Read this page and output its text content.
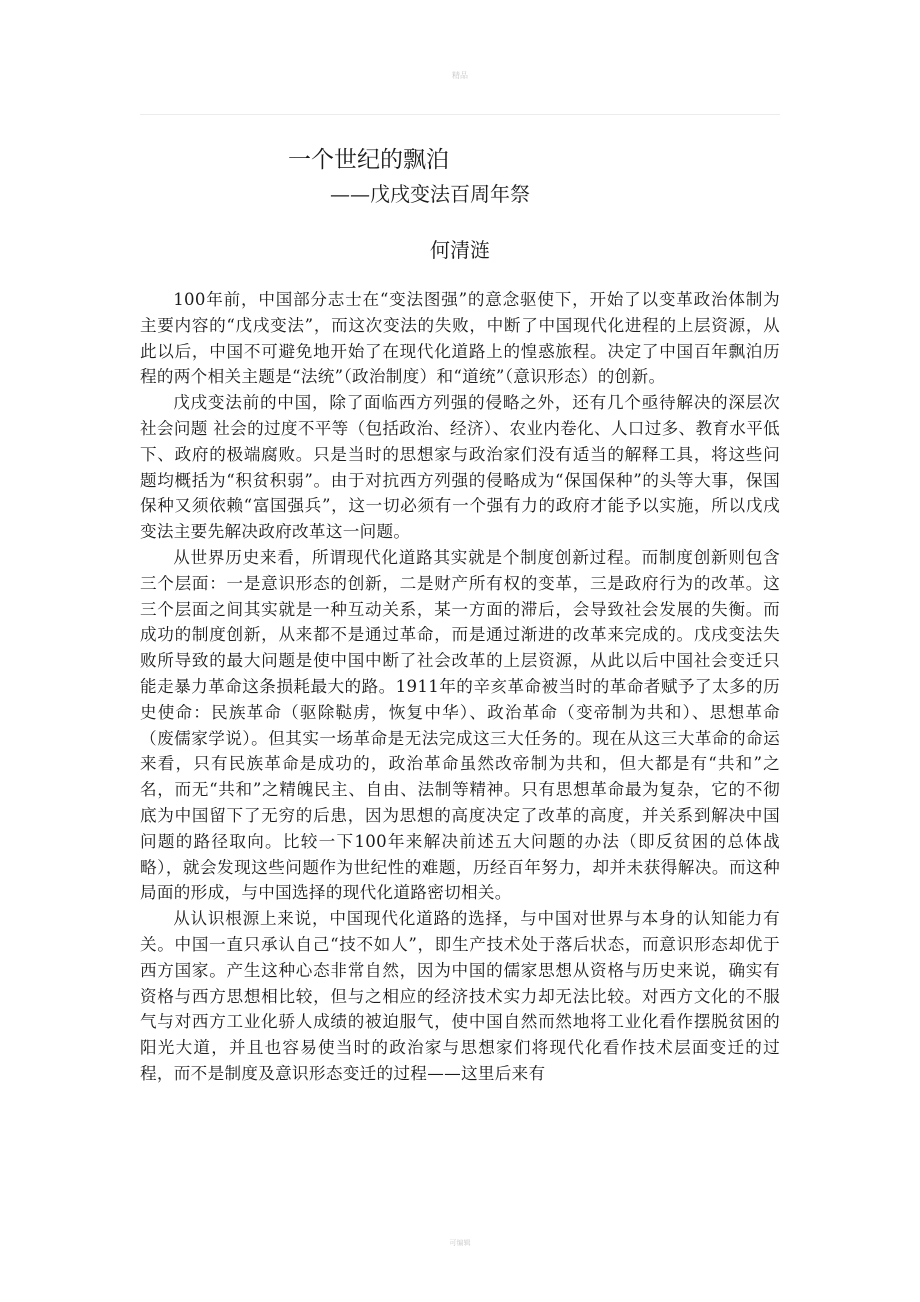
精品
一个世纪的飘泊
——戊戌变法百周年祭
何清涟

100年前，中国部分志士在“变法图强”的意念驱使下，开始了以变革政治体制为主要内容的“戊戌变法”，而这次变法的失败，中断了中国现代化进程的上层资源，从此以后，中国不可避免地开始了在现代化道路上的惶惑旅程。决定了中国百年飘泊历程的两个相关主题是“法统”（政治制度）和“道统”（意识形态）的创新。

戊戌变法前的中国，除了面临西方列强的侵略之外，还有几个亟待解决的深层次社会问题 社会的过度不平等（包括政治、经济）、农业内卷化、人口过多、教育水平低下、政府的极端腐败。只是当时的思想家与政治家们没有适当的解释工具，将这些问题均概括为“积贫积弱”。由于对抗西方列强的侵略成为“保国保种”的头等大事，保国保种又须依赖“富国强兵”，这一切必须有一个强有力的政府才能予以实施，所以戊戌变法主要先解决政府改革这一问题。

从世界历史来看，所谓现代化道路其实就是个制度创新过程。而制度创新则包含三个层面：一是意识形态的创新，二是财产所有权的变革，三是政府行为的改革。这三个层面之间其实就是一种互动关系，某一方面的滞后，会导致社会发展的失衡。而成功的制度创新，从来都不是通过革命，而是通过渐进的改革来完成的。戊戌变法失败所导致的最大问题是使中国中断了社会改革的上层资源，从此以后中国社会变迁只能走暴力革命这条损耗最大的路。1911年的辛亥革命被当时的革命者赋予了太多的历史使命：民族革命（驱除鞑虏，恢复中华）、政治革命（变帝制为共和）、思想革命（废儒家学说）。但其实一场革命是无法完成这三大任务的。现在从这三大革命的命运来看，只有民族革命是成功的，政治革命虽然改帝制为共和，但大都是有“共和”之名，而无“共和”之精魄民主、自由、法制等精神。只有思想革命最为复杂，它的不彻底为中国留下了无穷的后患，因为思想的高度决定了改革的高度，并关系到解决中国问题的路径取向。比较一下100年来解决前述五大问题的办法（即反贫困的总体战略），就会发现这些问题作为世纪性的难题，历经百年努力，却并未获得解决。而这种局面的形成，与中国选择的现代化道路密切相关。

从认识根源上来说，中国现代化道路的选择，与中国对世界与本身的认知能力有关。中国一直只承认自己“技不如人”，即生产技术处于落后状态，而意识形态却优于西方国家。产生这种心态非常自然，因为中国的儒家思想从资格与历史来说，确实有资格与西方思想相比较，但与之相应的经济技术实力却无法比较。对西方文化的不服气与对西方工业化骄人成绩的被迫服气，使中国自然而然地将工业化看作摆脱贫困的阳光大道，并且也容易使当时的政治家与思想家们将现代化看作技术层面变迁的过程，而不是制度及意识形态变迁的过程——这里后来有

可编辑
